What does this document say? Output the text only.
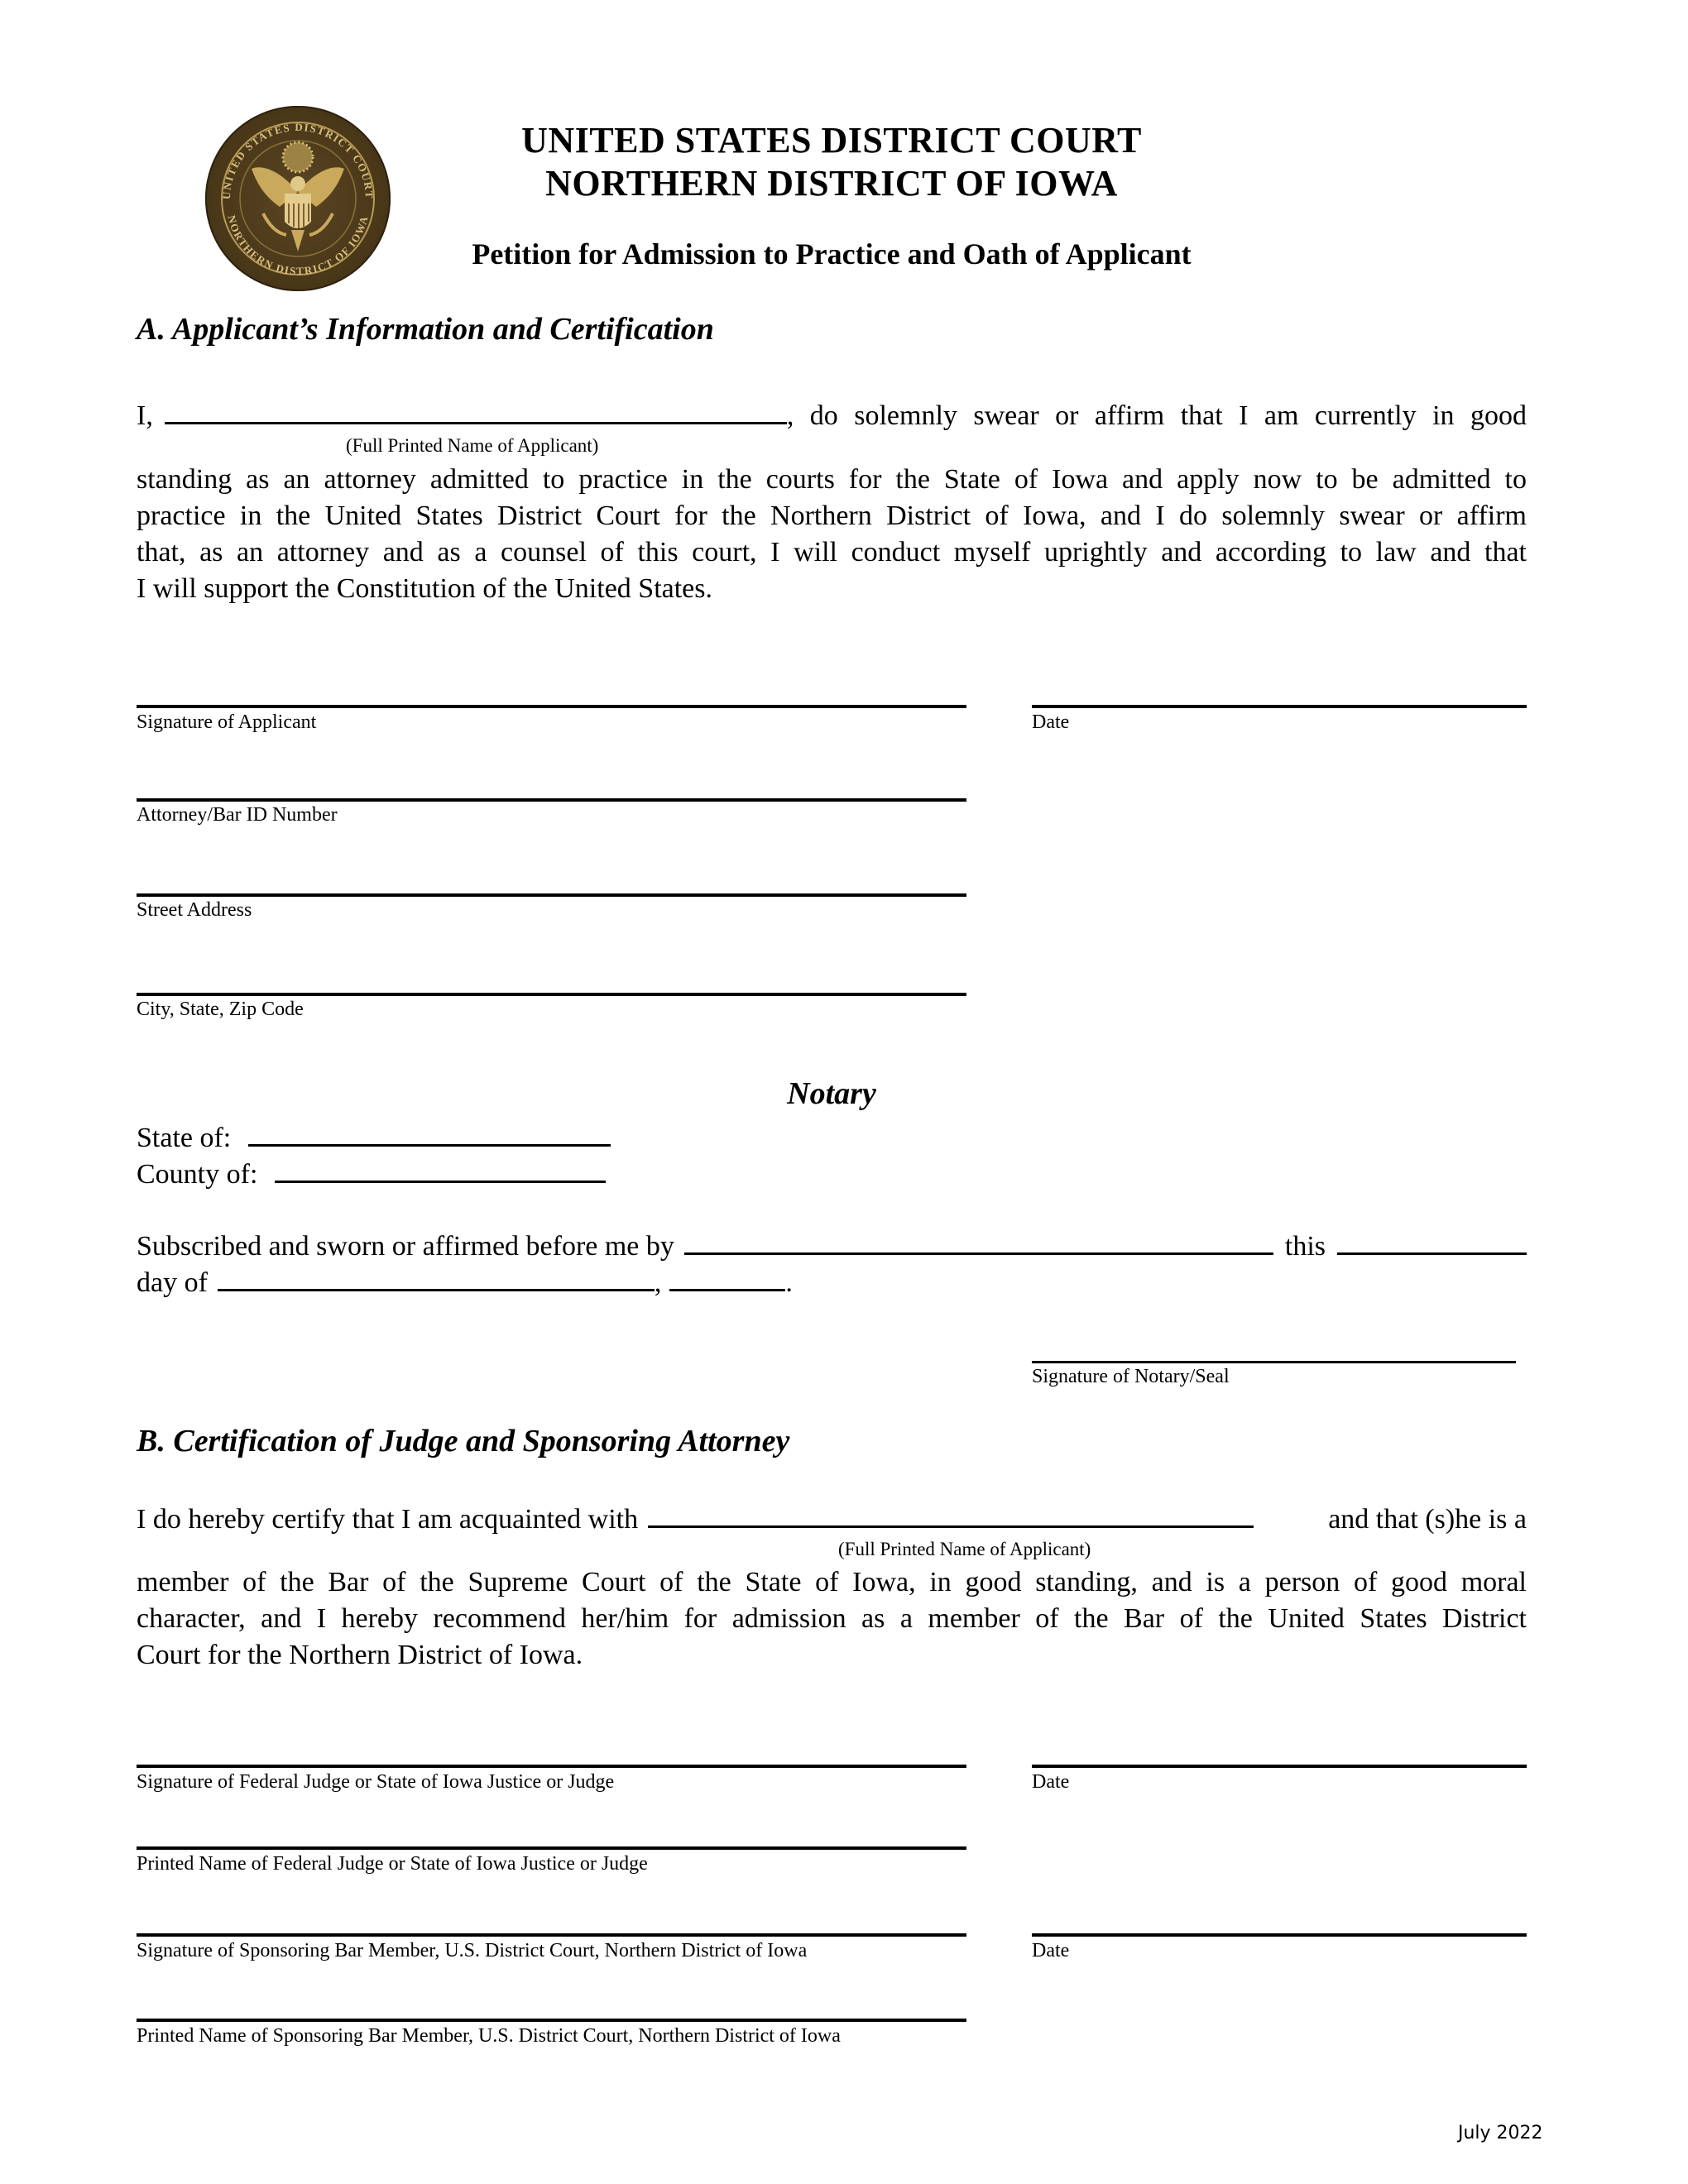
UNITED STATES DISTRICT COURT
NORTHERN DISTRICT OF IOWA
UNITED STATES DISTRICT COURT
NORTHERN DISTRICT OF IOWA
Petition for Admission to Practice and Oath of Applicant
A. Applicant’s Information and Certification
I,	, do solemnly swear or affirm that I am currently in good
(Full Printed Name of Applicant)
standing as an attorney admitted to practice in the courts for the State of Iowa and apply now to be admitted to
practice in the United States District Court for the Northern District of Iowa, and I do solemnly swear or affirm
that, as an attorney and as a counsel of this court, I will conduct myself uprightly and according to law and that
I will support the Constitution of the United States.
Signature of Applicant	Date
Attorney/Bar ID Number
Street Address
City, State, Zip Code
Notary
State of:
County of:
Subscribed and sworn or affirmed before me by	this
day of	,	.
Signature of Notary/Seal
B. Certification of Judge and Sponsoring Attorney
I do hereby certify that I am acquainted with	and that (s)he is a
(Full Printed Name of Applicant)
member of the Bar of the Supreme Court of the State of Iowa, in good standing, and is a person of good moral
character, and I hereby recommend her/him for admission as a member of the Bar of the United States District
Court for the Northern District of Iowa.
Signature of Federal Judge or State of Iowa Justice or Judge	Date
Printed Name of Federal Judge or State of Iowa Justice or Judge
Signature of Sponsoring Bar Member, U.S. District Court, Northern District of Iowa	Date
Printed Name of Sponsoring Bar Member, U.S. District Court, Northern District of Iowa
July 2022
